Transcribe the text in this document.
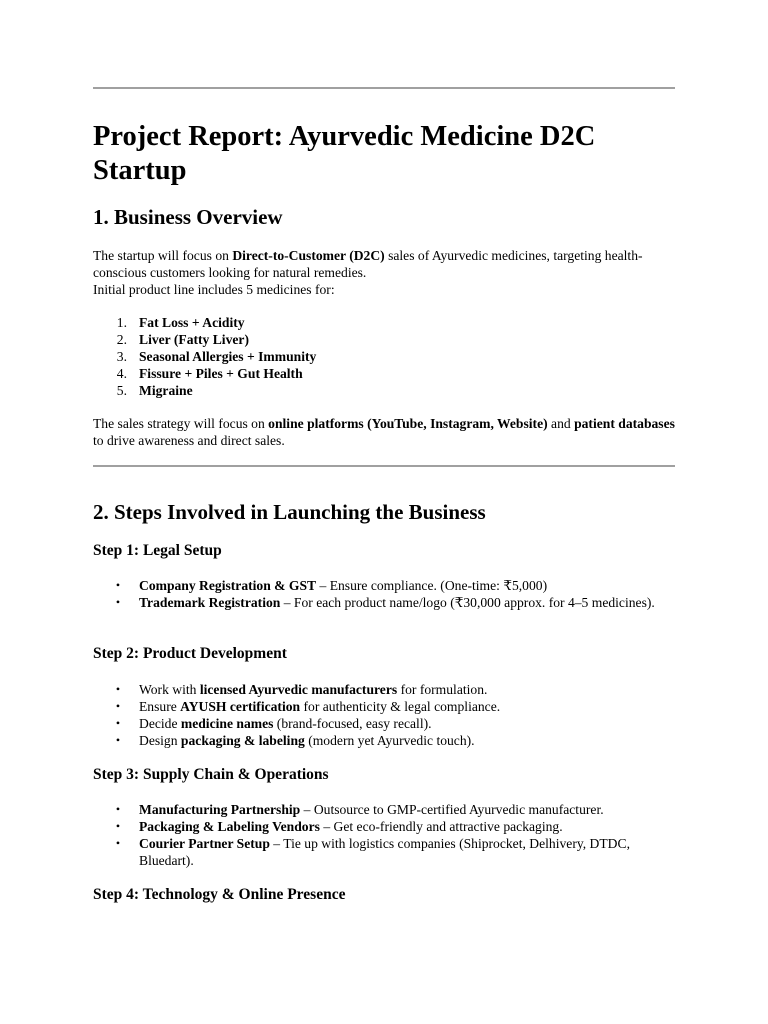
Project Report: Ayurvedic Medicine D2C Startup
1. Business Overview

The startup will focus on Direct-to-Customer (D2C) sales of Ayurvedic medicines, targeting health-conscious customers looking for natural remedies.
Initial product line includes 5 medicines for:

1. Fat Loss + Acidity
2. Liver (Fatty Liver)
3. Seasonal Allergies + Immunity
4. Fissure + Piles + Gut Health
5. Migraine

The sales strategy will focus on online platforms (YouTube, Instagram, Website) and patient databases to drive awareness and direct sales.

2. Steps Involved in Launching the Business
Step 1: Legal Setup
• Company Registration & GST – Ensure compliance. (One-time: ₹5,000)
• Trademark Registration – For each product name/logo (₹30,000 approx. for 4–5 medicines).
Step 2: Product Development
• Work with licensed Ayurvedic manufacturers for formulation.
• Ensure AYUSH certification for authenticity & legal compliance.
• Decide medicine names (brand-focused, easy recall).
• Design packaging & labeling (modern yet Ayurvedic touch).
Step 3: Supply Chain & Operations
• Manufacturing Partnership – Outsource to GMP-certified Ayurvedic manufacturer.
• Packaging & Labeling Vendors – Get eco-friendly and attractive packaging.
• Courier Partner Setup – Tie up with logistics companies (Shiprocket, Delhivery, DTDC, Bluedart).
Step 4: Technology & Online Presence
